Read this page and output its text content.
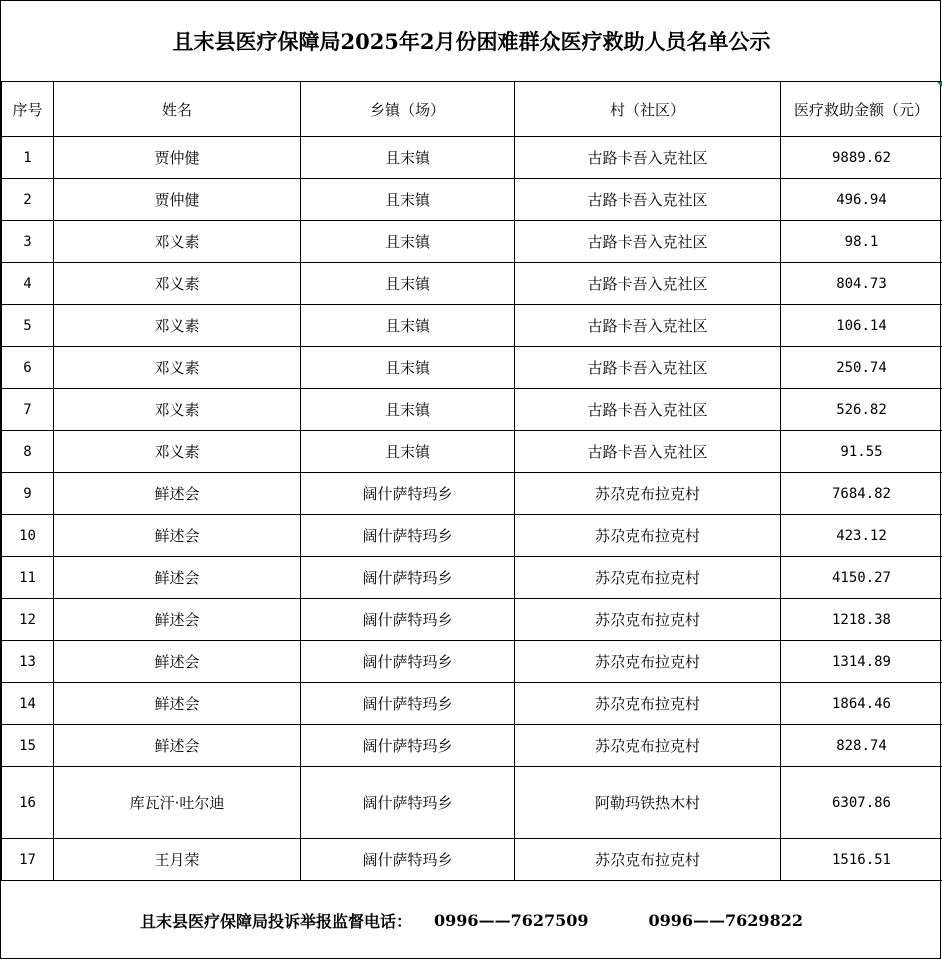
且末县医疗保障局2025年2月份困难群众医疗救助人员名单公示
序号	姓名	乡镇（场）	村（社区）	医疗救助金额（元）

1	贾仲健	且末镇	古路卡吾入克社区	9889.62
2	贾仲健	且末镇	古路卡吾入克社区	496.94
3	邓义素	且末镇	古路卡吾入克社区	98.1
4	邓义素	且末镇	古路卡吾入克社区	804.73
5	邓义素	且末镇	古路卡吾入克社区	106.14
6	邓义素	且末镇	古路卡吾入克社区	250.74
7	邓义素	且末镇	古路卡吾入克社区	526.82
8	邓义素	且末镇	古路卡吾入克社区	91.55
9	鲜述会	阔什萨特玛乡	苏尕克布拉克村	7684.82
10	鲜述会	阔什萨特玛乡	苏尕克布拉克村	423.12
11	鲜述会	阔什萨特玛乡	苏尕克布拉克村	4150.27
12	鲜述会	阔什萨特玛乡	苏尕克布拉克村	1218.38
13	鲜述会	阔什萨特玛乡	苏尕克布拉克村	1314.89
14	鲜述会	阔什萨特玛乡	苏尕克布拉克村	1864.46
15	鲜述会	阔什萨特玛乡	苏尕克布拉克村	828.74
16	库瓦汗·吐尔迪	阔什萨特玛乡	阿勒玛铁热木村	6307.86
17	王月荣	阔什萨特玛乡	苏尕克布拉克村	1516.51
且末县医疗保障局投诉举报监督电话： 0996——7627509	0996——7629822
